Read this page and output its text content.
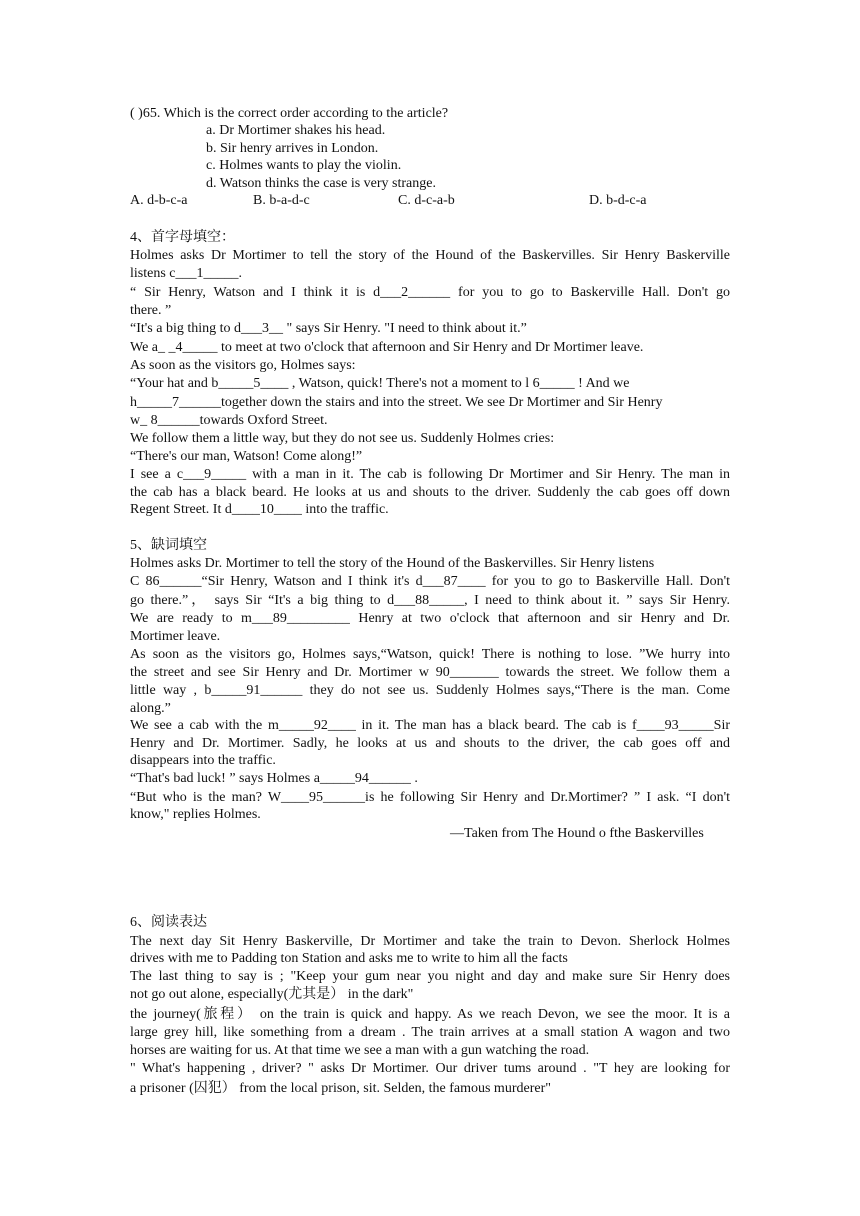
( )65. Which is the correct order according to the article?
a. Dr Mortimer shakes his head.
b. Sir henry arrives in London.
c. Holmes wants to play the violin.
d. Watson thinks the case is very strange.
A. d-b-c-a	B. b-a-d-c	C. d-c-a-b	D. b-d-c-a
4、首字母填空：
Holmes asks Dr Mortimer to tell the story of the Hound of the Baskervilles. Sir Henry Baskerville
listens c___1_____.
“ Sir Henry, Watson and I think it is d___2______ for you to go to Baskerville Hall. Don't go
there. ”
“It's a big thing to d___3__ " says Sir Henry. "I need to think about it.”
We a_ _4_____ to meet at two o'clock that afternoon and Sir Henry and Dr Mortimer leave.
As soon as the visitors go, Holmes says:
“Your hat and b_____5____ , Watson, quick! There's not a moment to l 6_____ ! And we
h_____7______together down the stairs and into the street. We see Dr Mortimer and Sir Henry
w_ 8______towards Oxford Street.
We follow them a little way, but they do not see us. Suddenly Holmes cries:
“There's our man, Watson! Come along!”
I see a c___9_____ with a man in it. The cab is following Dr Mortimer and Sir Henry. The man in
the cab has a black beard. He looks at us and shouts to the driver. Suddenly the cab goes off down
Regent Street. It d____10____ into the traffic.
5、缺词填空
Holmes asks Dr. Mortimer to tell the story of the Hound of the Baskervilles. Sir Henry listens
C 86______“Sir Henry, Watson and I think it's d___87____ for you to go to Baskerville Hall. Don't
go there.”， says Sir “It's a big thing to d___88_____, I need to think about it. ” says Sir Henry.
We are ready to m___89_________ Henry at two o'clock that afternoon and sir Henry and Dr.
Mortimer leave.
As soon as the visitors go, Holmes says,“Watson, quick! There is nothing to lose. ”We hurry into
the street and see Sir Henry and Dr. Mortimer w 90_______ towards the street. We follow them a
little way , b_____91______ they do not see us. Suddenly Holmes says,“There is the man. Come
along.”
We see a cab with the m_____92____ in it. The man has a black beard. The cab is f____93_____Sir
Henry and Dr. Mortimer. Sadly, he looks at us and shouts to the driver, the cab goes off and
disappears into the traffic.
“That's bad luck! ” says Holmes a_____94______ .
“But who is the man? W____95______is he following Sir Henry and Dr.Mortimer? ” I ask. “I don't
know," replies Holmes.
—Taken from The Hound o fthe Baskervilles
6、阅读表达
The next day Sit Henry Baskerville, Dr Mortimer and take the train to Devon. Sherlock Holmes
drives with me to Padding ton Station and asks me to write to him all the facts
The last thing to say is ; "Keep your gum near you night and day and make sure Sir Henry does
not go out alone, especially(尤其是） in the dark"
the journey(旅程） on the train is quick and happy. As we reach Devon, we see the moor. It is a
large grey hill, like something from a dream . The train arrives at a small station A wagon and two
horses are waiting for us. At that time we see a man with a gun watching the road.
" What's happening , driver? " asks Dr Mortimer. Our driver tums around . "T hey are looking for
a prisoner (囚犯） from the local prison, sit. Selden, the famous murderer"
